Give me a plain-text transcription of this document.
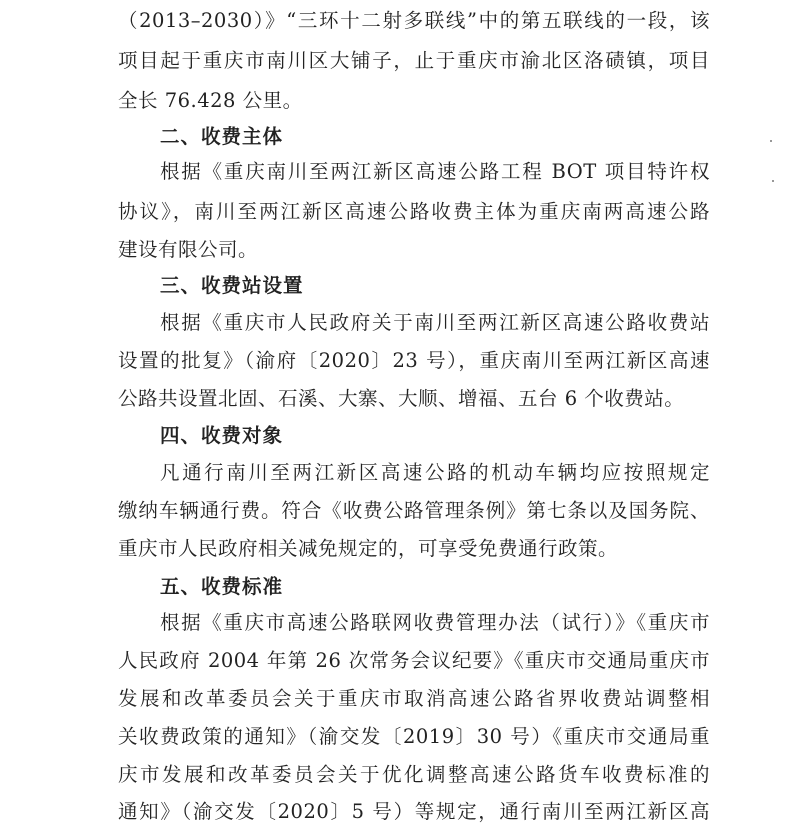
（2013–2030）》“三环十二射多联线”中的第五联线的一段，该
项目起于重庆市南川区大铺子，止于重庆市渝北区洛碛镇，项目
全长 76.428 公里。
二、收费主体
根据《重庆南川至两江新区高速公路工程 BOT 项目特许权
协议》，南川至两江新区高速公路收费主体为重庆南两高速公路
建设有限公司。
三、收费站设置
根据《重庆市人民政府关于南川至两江新区高速公路收费站
设置的批复》（渝府〔2020〕23 号），重庆南川至两江新区高速
公路共设置北固、石溪、大寨、大顺、增福、五台 6 个收费站。
四、收费对象
凡通行南川至两江新区高速公路的机动车辆均应按照规定
缴纳车辆通行费。符合《收费公路管理条例》第七条以及国务院、
重庆市人民政府相关减免规定的，可享受免费通行政策。
五、收费标准
根据《重庆市高速公路联网收费管理办法（试行）》《重庆市
人民政府 2004 年第 26 次常务会议纪要》《重庆市交通局重庆市
发展和改革委员会关于重庆市取消高速公路省界收费站调整相
关收费政策的通知》（渝交发〔2019〕30 号）《重庆市交通局重
庆市发展和改革委员会关于优化调整高速公路货车收费标准的
通知》（渝交发〔2020〕5 号）等规定，通行南川至两江新区高
